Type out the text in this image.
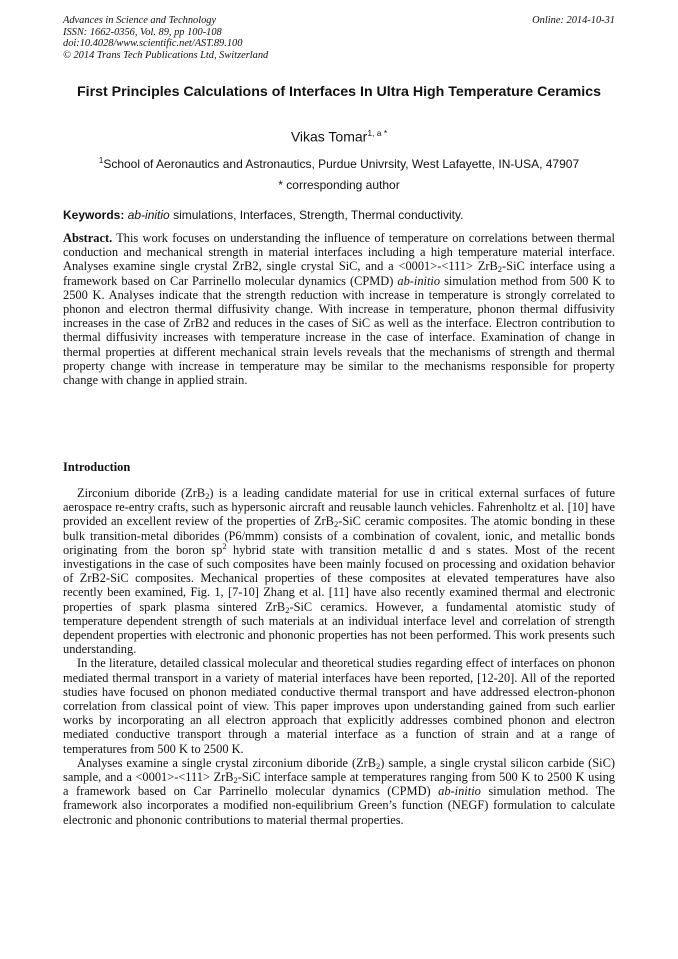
Advances in Science and Technology
ISSN: 1662-0356, Vol. 89, pp 100-108
doi:10.4028/www.scientific.net/AST.89.100
© 2014 Trans Tech Publications Ltd, Switzerland
Online: 2014-10-31
First Principles Calculations of Interfaces In Ultra High Temperature Ceramics
Vikas Tomar$^{1, a *}$
$^1$School of Aeronautics and Astronautics, Purdue Univrsity, West Lafayette, IN-USA, 47907
* corresponding author
Keywords: ab-initio simulations, Interfaces, Strength, Thermal conductivity.
Abstract. This work focuses on understanding the influence of temperature on correlations between thermal conduction and mechanical strength in material interfaces including a high temperature material interface. Analyses examine single crystal ZrB2, single crystal SiC, and a <0001>-<111> ZrB$_2$-SiC interface using a framework based on Car Parrinello molecular dynamics (CPMD) ab-initio simulation method from 500 K to 2500 K. Analyses indicate that the strength reduction with increase in temperature is strongly correlated to phonon and electron thermal diffusivity change. With increase in temperature, phonon thermal diffusivity increases in the case of ZrB2 and reduces in the cases of SiC as well as the interface. Electron contribution to thermal diffusivity increases with temperature increase in the case of interface. Examination of change in thermal properties at different mechanical strain levels reveals that the mechanisms of strength and thermal property change with increase in temperature may be similar to the mechanisms responsible for property change with change in applied strain.
Introduction

Zirconium diboride (ZrB$_2$) is a leading candidate material for use in critical external surfaces of future aerospace re-entry crafts, such as hypersonic aircraft and reusable launch vehicles. Fahrenholtz et al. [10] have provided an excellent review of the properties of ZrB$_2$-SiC ceramic composites. The atomic bonding in these bulk transition-metal diborides (P6/mmm) consists of a combination of covalent, ionic, and metallic bonds originating from the boron $sp^2$ hybrid state with transition metallic d and s states. Most of the recent investigations in the case of such composites have been mainly focused on processing and oxidation behavior of ZrB2-SiC composites. Mechanical properties of these composites at elevated temperatures have also recently been examined, Fig. 1, [7-10] Zhang et al. [11] have also recently examined thermal and electronic properties of spark plasma sintered ZrB$_2$-SiC ceramics. However, a fundamental atomistic study of temperature dependent strength of such materials at an individual interface level and correlation of strength dependent properties with electronic and phononic properties has not been performed. This work presents such understanding.

In the literature, detailed classical molecular and theoretical studies regarding effect of interfaces on phonon mediated thermal transport in a variety of material interfaces have been reported, [12-20]. All of the reported studies have focused on phonon mediated conductive thermal transport and have addressed electron-phonon correlation from classical point of view. This paper improves upon understanding gained from such earlier works by incorporating an all electron approach that explicitly addresses combined phonon and electron mediated conductive transport through a material interface as a function of strain and at a range of temperatures from 500 K to 2500 K.

Analyses examine a single crystal zirconium diboride (ZrB$_2$) sample, a single crystal silicon carbide (SiC) sample, and a <0001>-<111> ZrB$_2$-SiC interface sample at temperatures ranging from 500 K to 2500 K using a framework based on Car Parrinello molecular dynamics (CPMD) ab-initio simulation method. The framework also incorporates a modified non-equilibrium Green’s function (NEGF) formulation to calculate electronic and phononic contributions to material thermal properties.
